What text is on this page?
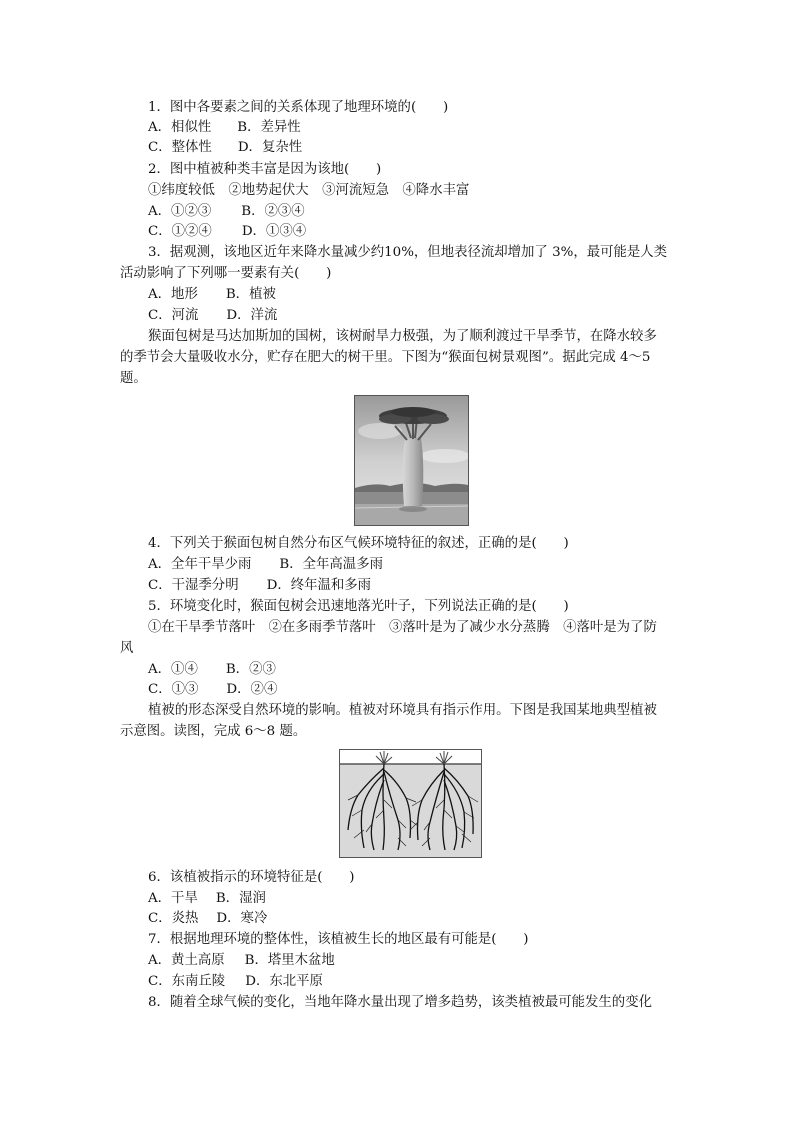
1．图中各要素之间的关系体现了地理环境的(　　)
A．相似性 B．差异性
C．整体性 D．复杂性
2．图中植被种类丰富是因为该地(　　)
①纬度较低　②地势起伏大　③河流短急　④降水丰富
A．①②③ B．②③④
C．①②④ D．①③④
3．据观测，该地区近年来降水量减少约10%，但地表径流却增加了 3%，最可能是人类
活动影响了下列哪一要素有关(　　)
A．地形 B．植被
C．河流 D．洋流
猴面包树是马达加斯加的国树，该树耐旱力极强，为了顺利渡过干旱季节，在降水较多
的季节会大量吸收水分，贮存在肥大的树干里。下图为“猴面包树景观图”。据此完成 4～5
题。
4．下列关于猴面包树自然分布区气候环境特征的叙述，正确的是(　　)
A．全年干旱少雨 B．全年高温多雨
C．干湿季分明 D．终年温和多雨
5．环境变化时，猴面包树会迅速地落光叶子，下列说法正确的是(　　)
①在干旱季节落叶　②在多雨季节落叶　③落叶是为了减少水分蒸腾　④落叶是为了防
风
A．①④ B．②③
C．①③ D．②④
植被的形态深受自然环境的影响。植被对环境具有指示作用。下图是我国某地典型植被
示意图。读图，完成 6～8 题。
6．该植被指示的环境特征是(　　)
A．干旱 B．湿润
C．炎热 D．寒冷
7．根据地理环境的整体性，该植被生长的地区最有可能是(　　)
A．黄土高原 B．塔里木盆地
C．东南丘陵 D．东北平原
8．随着全球气候的变化，当地年降水量出现了增多趋势，该类植被最可能发生的变化
